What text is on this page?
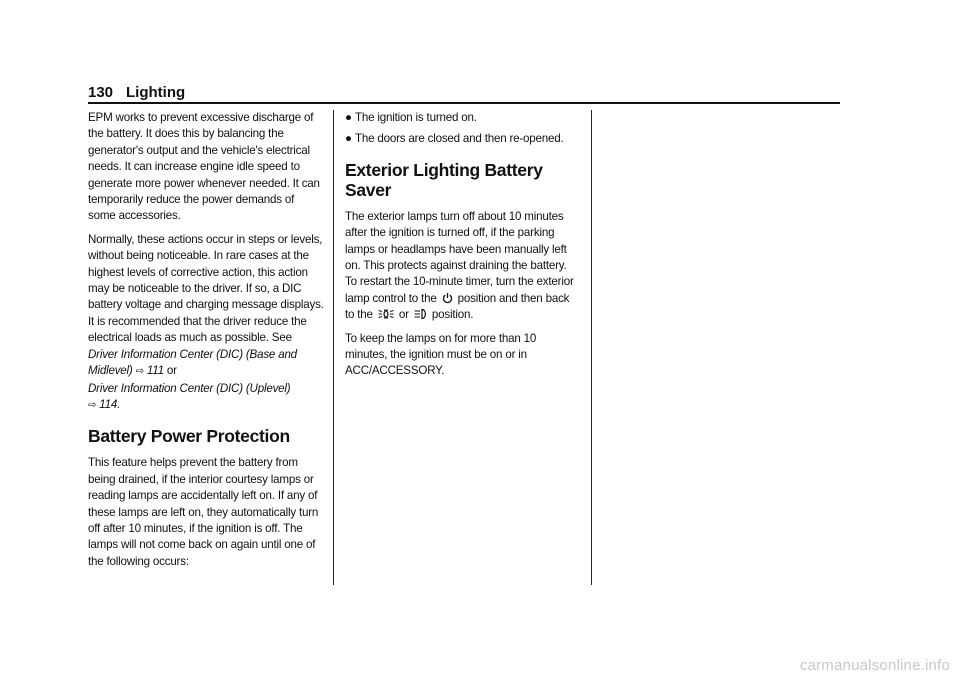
130 Lighting

EPM works to prevent excessive discharge of the battery. It does this by balancing the generator's output and the vehicle's electrical needs. It can increase engine idle speed to generate more power whenever needed. It can temporarily reduce the power demands of some accessories.

Normally, these actions occur in steps or levels, without being noticeable. In rare cases at the highest levels of corrective action, this action may be noticeable to the driver. If so, a DIC battery voltage and charging message displays. It is recommended that the driver reduce the electrical loads as much as possible. See Driver Information Center (DIC) (Base and Midlevel) ⇨ 111 or
Driver Information Center (DIC) (Uplevel)
⇨ 114.

Battery Power Protection

This feature helps prevent the battery from being drained, if the interior courtesy lamps or reading lamps are accidentally left on. If any of these lamps are left on, they automatically turn off after 10 minutes, if the ignition is off. The lamps will not come back on again until one of the following occurs:

● The ignition is turned on.
● The doors are closed and then re-opened.
Exterior Lighting Battery Saver

The exterior lamps turn off about 10 minutes after the ignition is turned off, if the parking lamps or headlamps have been manually left on. This protects against draining the battery. To restart the 10-minute timer, turn the exterior lamp control to the position and then back to the or position.

To keep the lamps on for more than 10 minutes, the ignition must be on or in ACC/ACCESSORY.

carmanualsonline.info
